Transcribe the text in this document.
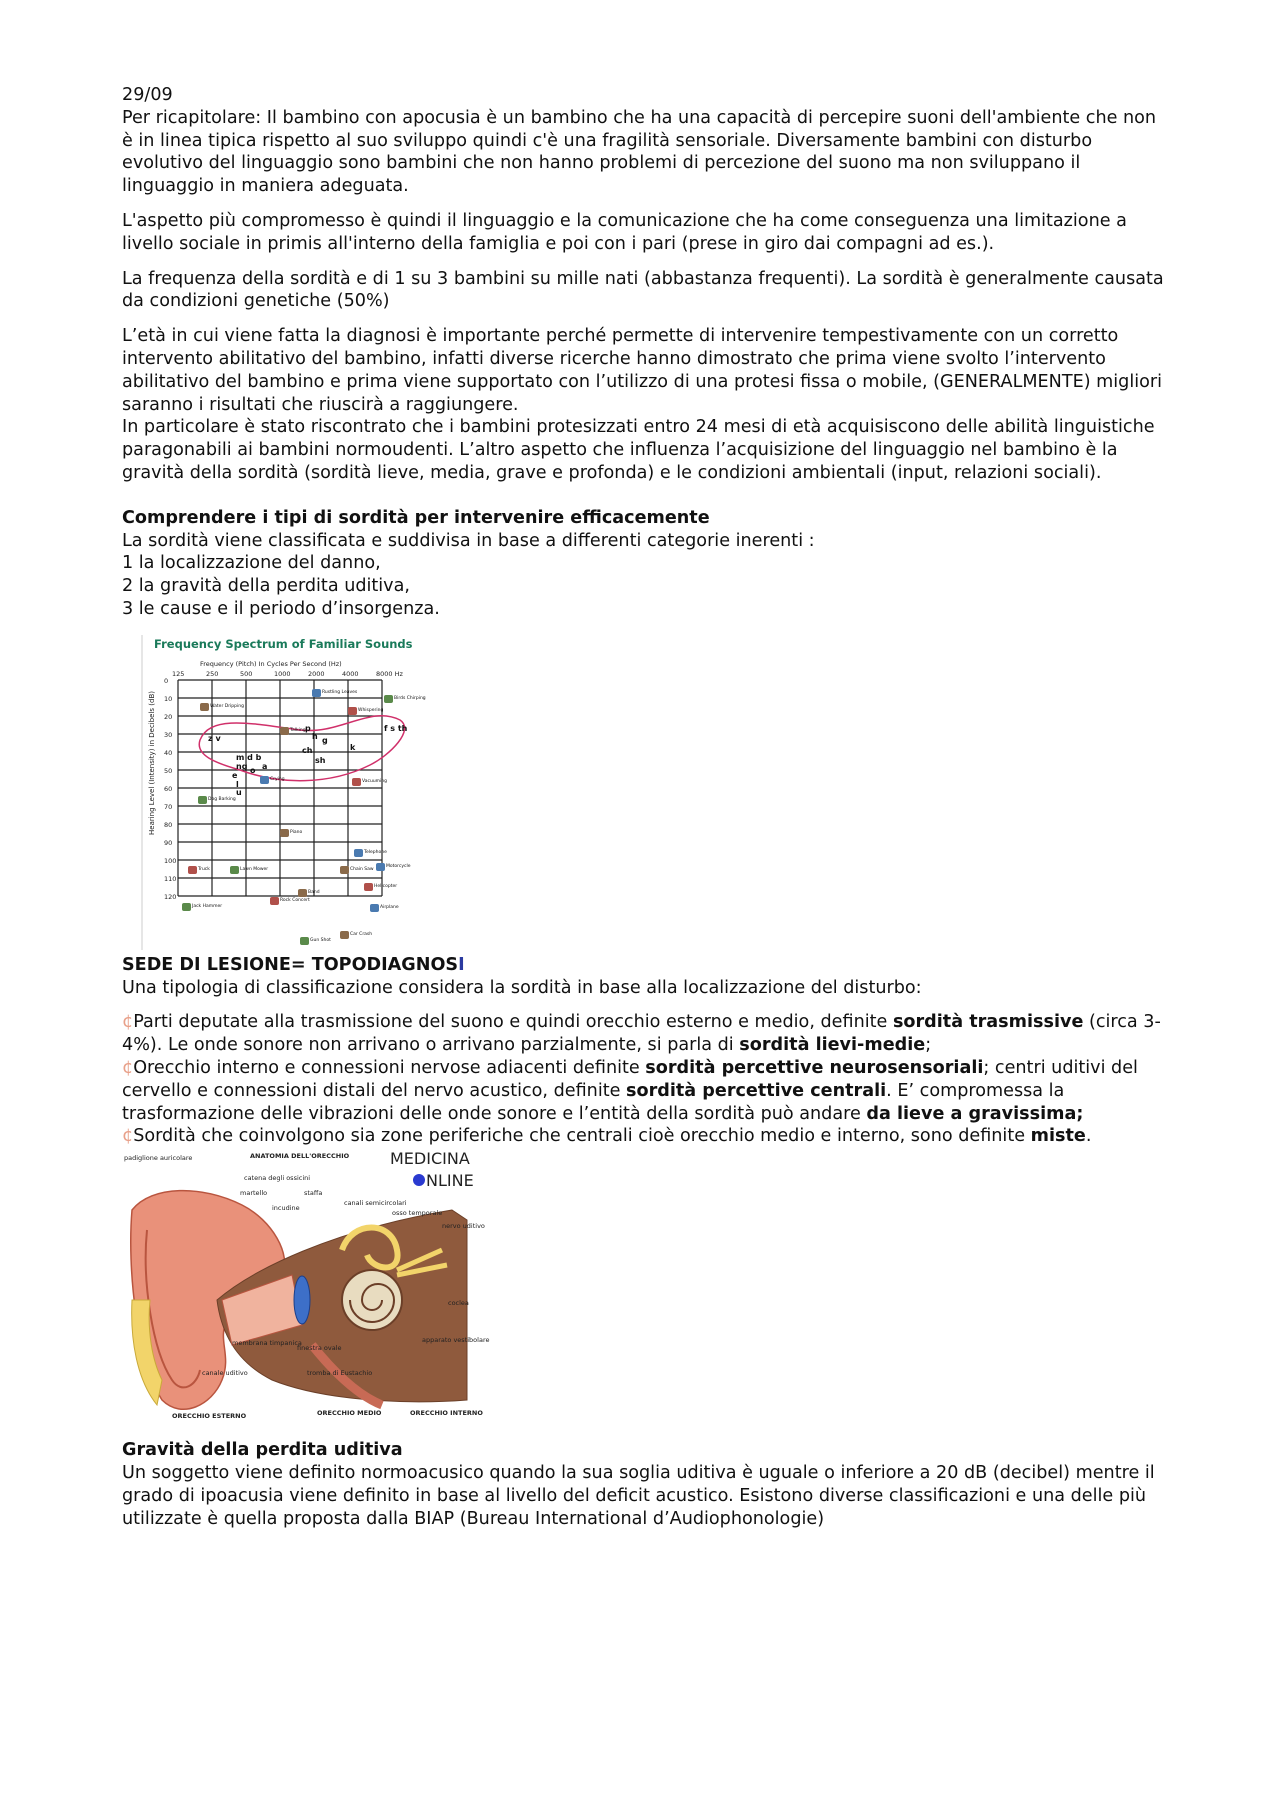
29/09

Per ricapitolare: Il bambino con apocusia è un bambino che ha una capacità di percepire suoni dell'ambiente che non è in linea tipica rispetto al suo sviluppo quindi c'è una fragilità sensoriale. Diversamente bambini con disturbo evolutivo del linguaggio sono bambini che non hanno problemi di percezione del suono ma non sviluppano il linguaggio in maniera adeguata.

L'aspetto più compromesso è quindi il linguaggio e la comunicazione che ha come conseguenza una limitazione a livello sociale in primis all'interno della famiglia e poi con i pari (prese in giro dai compagni ad es.).

La frequenza della sordità e di 1 su 3 bambini su mille nati (abbastanza frequenti). La sordità è generalmente causata da condizioni genetiche (50%)

L’età in cui viene fatta la diagnosi è importante perché permette di intervenire tempestivamente con un corretto intervento abilitativo del bambino, infatti diverse ricerche hanno dimostrato che prima viene svolto l’intervento abilitativo del bambino e prima viene supportato con l’utilizzo di una protesi fissa o mobile, (GENERALMENTE) migliori saranno i risultati che riuscirà a raggiungere.

In particolare è stato riscontrato che i bambini protesizzati entro 24 mesi di età acquisiscono delle abilità linguistiche paragonabili ai bambini normoudenti. L’altro aspetto che influenza l’acquisizione del linguaggio nel bambino è la gravità della sordità (sordità lieve, media, grave e profonda) e le condizioni ambientali (input, relazioni sociali).

Comprendere i tipi di sordità per intervenire efficacemente

La sordità viene classificata e suddivisa in base a differenti categorie inerenti :

1 la localizzazione del danno,

2 la gravità della perdita uditiva,

3 le cause e il periodo d’insorgenza.

Frequency Spectrum of Familiar Sounds
Frequency (Pitch) In Cycles Per Second (Hz)
Hearing Level (Intensity) in Decibels (dB)
125	250	500	1000	2000	4000	8000 Hz
0
10
20
30
40
50
60
70
80
90
100
110
120
z v
m d b
ng
e
l
u
o a
p
h g
ch
sh
k
f s th
Water Dripping
Rustling Leaves
Whispering
Birds Chirping
Talking
Crying	Vacuuming
Dog Barking
Piano
Telephone
Truck	Lawn Mower	Chain Saw
Motorcycle
Helicopter
Jack Hammer
Band
Airplane
Rock Concert
Gun Shot
Car Crash

SEDE DI LESIONE= TOPODIAGNOSI

Una tipologia di classificazione considera la sordità in base alla localizzazione del disturbo:

¢Parti deputate alla trasmissione del suono e quindi orecchio esterno e medio, definite sordità trasmissive (circa 3-4%). Le onde sonore non arrivano o arrivano parzialmente, si parla di sordità lievi-medie;

¢Orecchio interno e connessioni nervose adiacenti definite sordità percettive neurosensoriali; centri uditivi del cervello e connessioni distali del nervo acustico, definite sordità percettive centrali. E’ compromessa la trasformazione delle vibrazioni delle onde sonore e l’entità della sordità può andare da lieve a gravissima;

¢Sordità che coinvolgono sia zone periferiche che centrali cioè orecchio medio e interno, sono definite miste.

padiglione auricolare	ANATOMIA DELL'ORECCHIO	MEDICINA
NLINE
catena degli ossicini
martello	staffa
incudine
canali semicircolari
osso temporale
nervo uditivo
coclea
apparato vestibolare
membrana timpanica
finestra ovale
tromba di Eustachio
canale uditivo
ORECCHIO ESTERNO	ORECCHIO MEDIO	ORECCHIO INTERNO

Gravità della perdita uditiva

Un soggetto viene definito normoacusico quando la sua soglia uditiva è uguale o inferiore a 20 dB (decibel) mentre il grado di ipoacusia viene definito in base al livello del deficit acustico. Esistono diverse classificazioni e una delle più utilizzate è quella proposta dalla BIAP (Bureau International d’Audiophonologie)
